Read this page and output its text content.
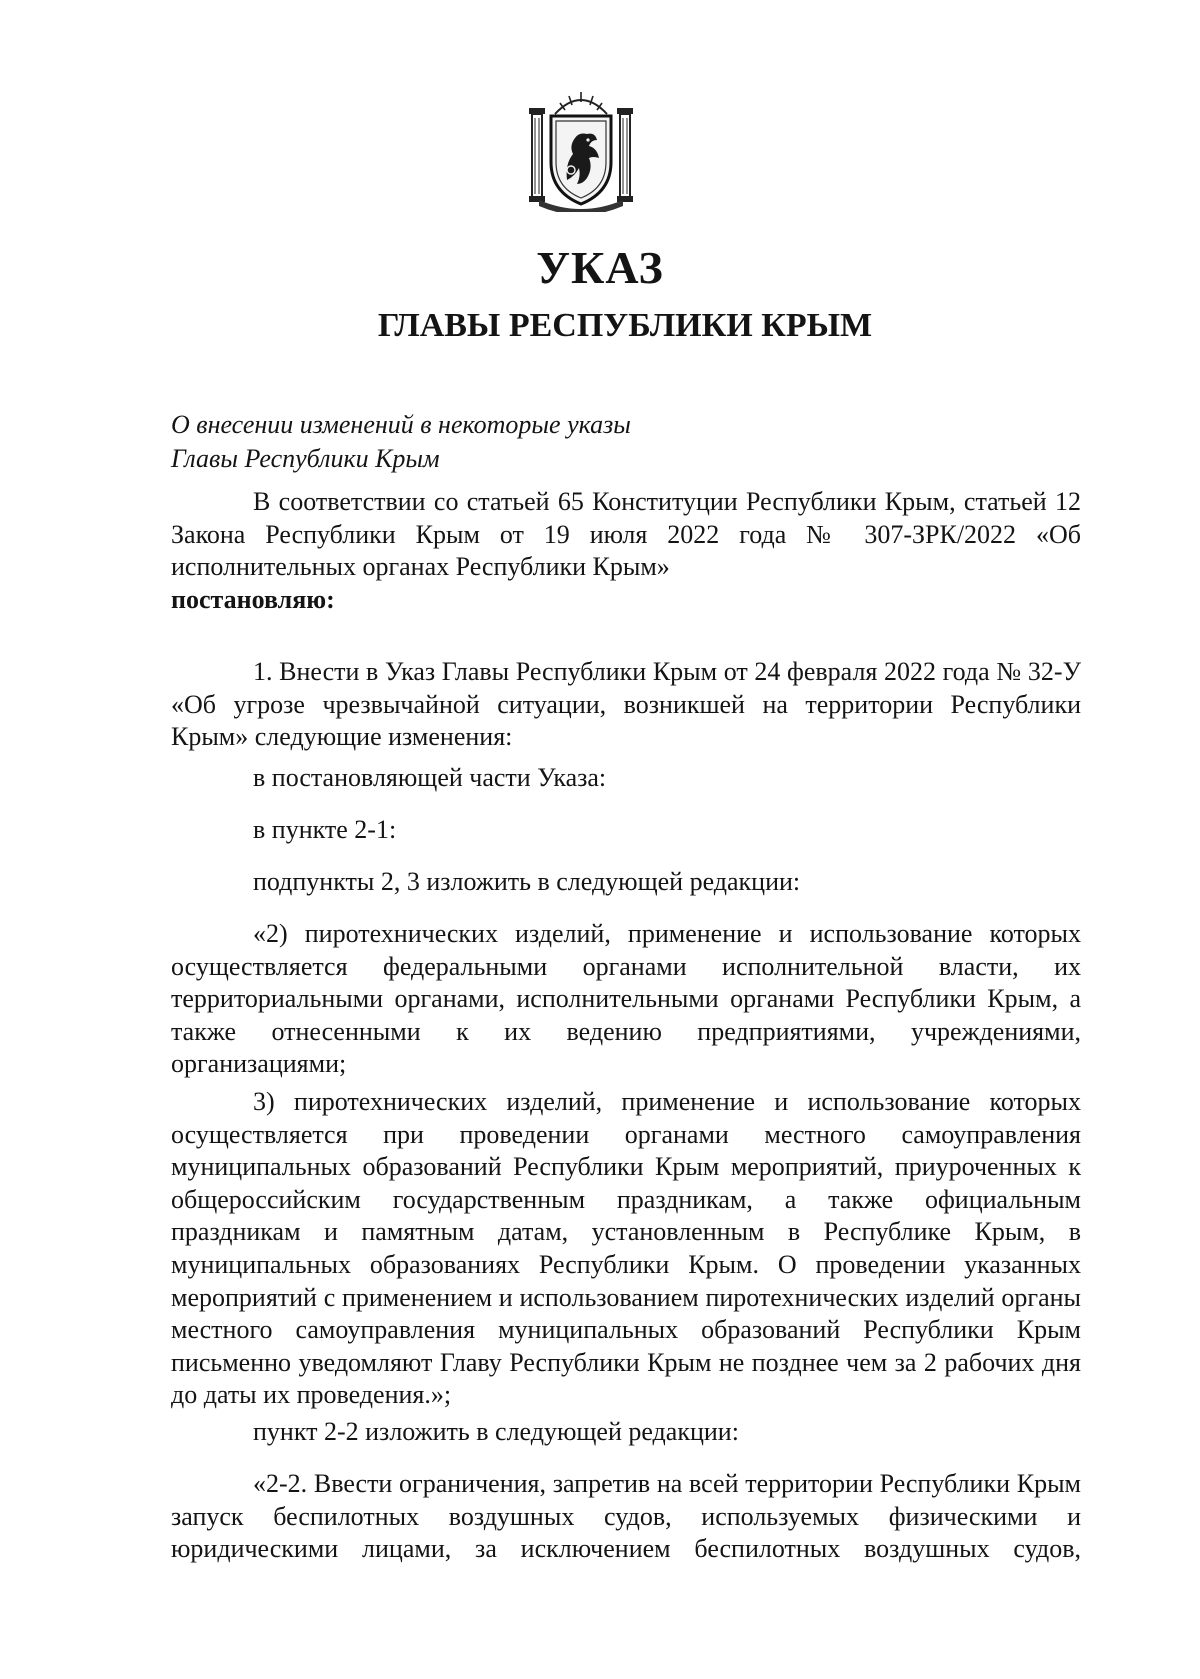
УКАЗ
ГЛАВЫ РЕСПУБЛИКИ КРЫМ
О внесении изменений в некоторые указы
Главы Республики Крым

В соответствии со статьей 65 Конституции Республики Крым, статьей 12 Закона Республики Крым от 19 июля 2022 года № 307-ЗРК/2022 «Об исполнительных органах Республики Крым»

постановляю:

1. Внести в Указ Главы Республики Крым от 24 февраля 2022 года № 32-У «Об угрозе чрезвычайной ситуации, возникшей на территории Республики Крым» следующие изменения:

в постановляющей части Указа:

в пункте 2-1:

подпункты 2, 3 изложить в следующей редакции:

«2) пиротехнических изделий, применение и использование которых осуществляется федеральными органами исполнительной власти, их территориальными органами, исполнительными органами Республики Крым, а также отнесенными к их ведению предприятиями, учреждениями, организациями;

3) пиротехнических изделий, применение и использование которых осуществляется при проведении органами местного самоуправления муниципальных образований Республики Крым мероприятий, приуроченных к общероссийским государственным праздникам, а также официальным праздникам и памятным датам, установленным в Республике Крым, в муниципальных образованиях Республики Крым. О проведении указанных мероприятий с применением и использованием пиротехнических изделий органы местного самоуправления муниципальных образований Республики Крым письменно уведомляют Главу Республики Крым не позднее чем за 2 рабочих дня до даты их проведения.»;

пункт 2-2 изложить в следующей редакции:

«2-2. Ввести ограничения, запретив на всей территории Республики Крым запуск беспилотных воздушных судов, используемых физическими и юридическими лицами, за исключением беспилотных воздушных судов,
